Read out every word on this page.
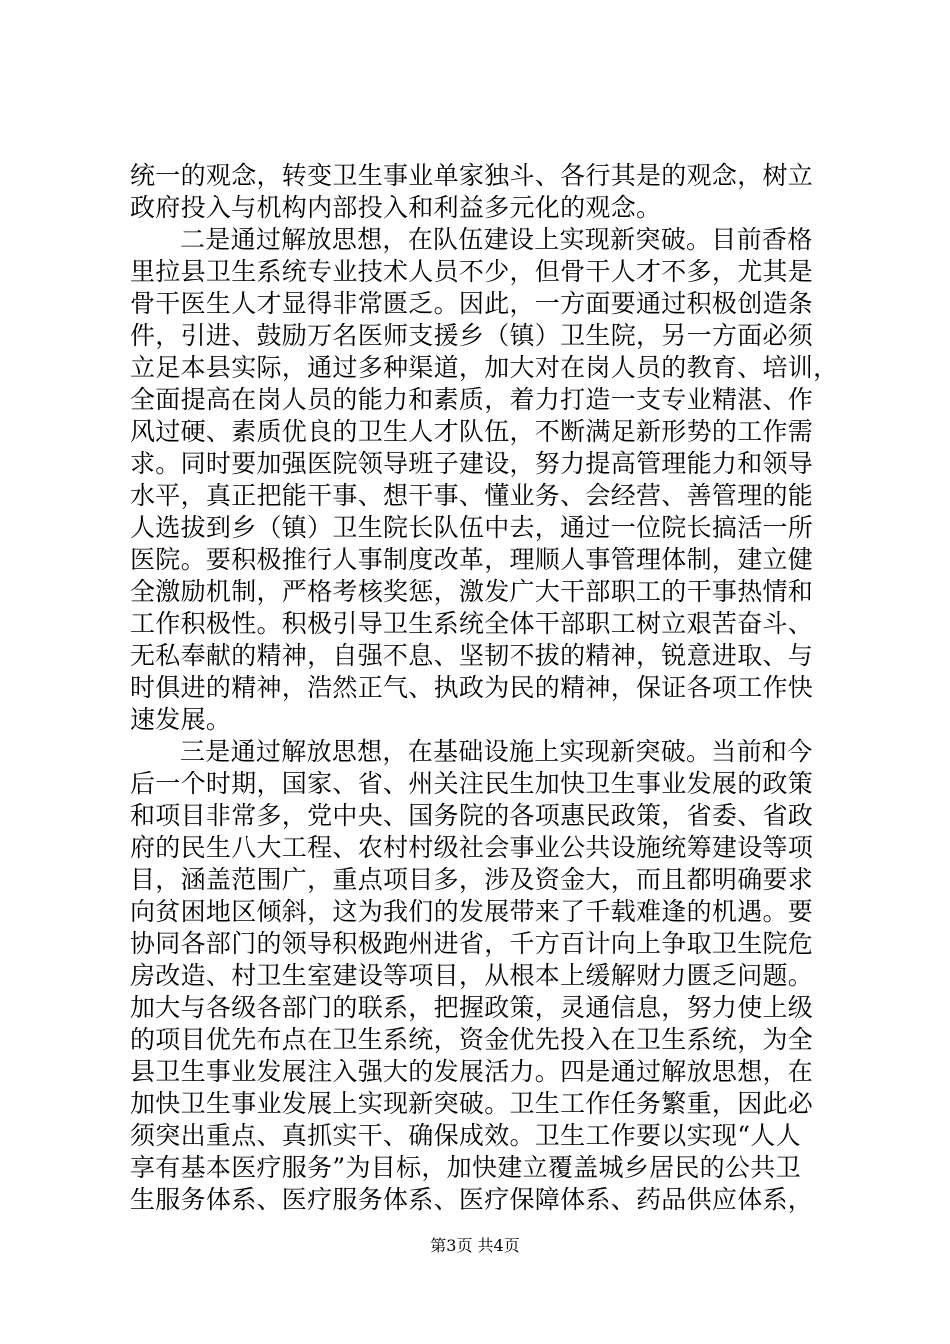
统一的观念，转变卫生事业单家独斗、各行其是的观念，树立
政府投入与机构内部投入和利益多元化的观念。
二是通过解放思想，在队伍建设上实现新突破。目前香格
里拉县卫生系统专业技术人员不少，但骨干人才不多，尤其是
骨干医生人才显得非常匮乏。因此，一方面要通过积极创造条
件，引进、鼓励万名医师支援乡（镇）卫生院，另一方面必须
立足本县实际，通过多种渠道，加大对在岗人员的教育、培训，
全面提高在岗人员的能力和素质，着力打造一支专业精湛、作
风过硬、素质优良的卫生人才队伍，不断满足新形势的工作需
求。同时要加强医院领导班子建设，努力提高管理能力和领导
水平，真正把能干事、想干事、懂业务、会经营、善管理的能
人选拔到乡（镇）卫生院长队伍中去，通过一位院长搞活一所
医院。要积极推行人事制度改革，理顺人事管理体制，建立健
全激励机制，严格考核奖惩，激发广大干部职工的干事热情和
工作积极性。积极引导卫生系统全体干部职工树立艰苦奋斗、
无私奉献的精神，自强不息、坚韧不拔的精神，锐意进取、与
时俱进的精神，浩然正气、执政为民的精神，保证各项工作快
速发展。
三是通过解放思想，在基础设施上实现新突破。当前和今
后一个时期，国家、省、州关注民生加快卫生事业发展的政策
和项目非常多，党中央、国务院的各项惠民政策，省委、省政
府的民生八大工程、农村村级社会事业公共设施统筹建设等项
目，涵盖范围广，重点项目多，涉及资金大，而且都明确要求
向贫困地区倾斜，这为我们的发展带来了千载难逢的机遇。要
协同各部门的领导积极跑州进省，千方百计向上争取卫生院危
房改造、村卫生室建设等项目，从根本上缓解财力匮乏问题。
加大与各级各部门的联系，把握政策，灵通信息，努力使上级
的项目优先布点在卫生系统，资金优先投入在卫生系统，为全
县卫生事业发展注入强大的发展活力。四是通过解放思想，在
加快卫生事业发展上实现新突破。卫生工作任务繁重，因此必
须突出重点、真抓实干、确保成效。卫生工作要以实现“人人
享有基本医疗服务”为目标，加快建立覆盖城乡居民的公共卫
生服务体系、医疗服务体系、医疗保障体系、药品供应体系，
第3页 共4页
